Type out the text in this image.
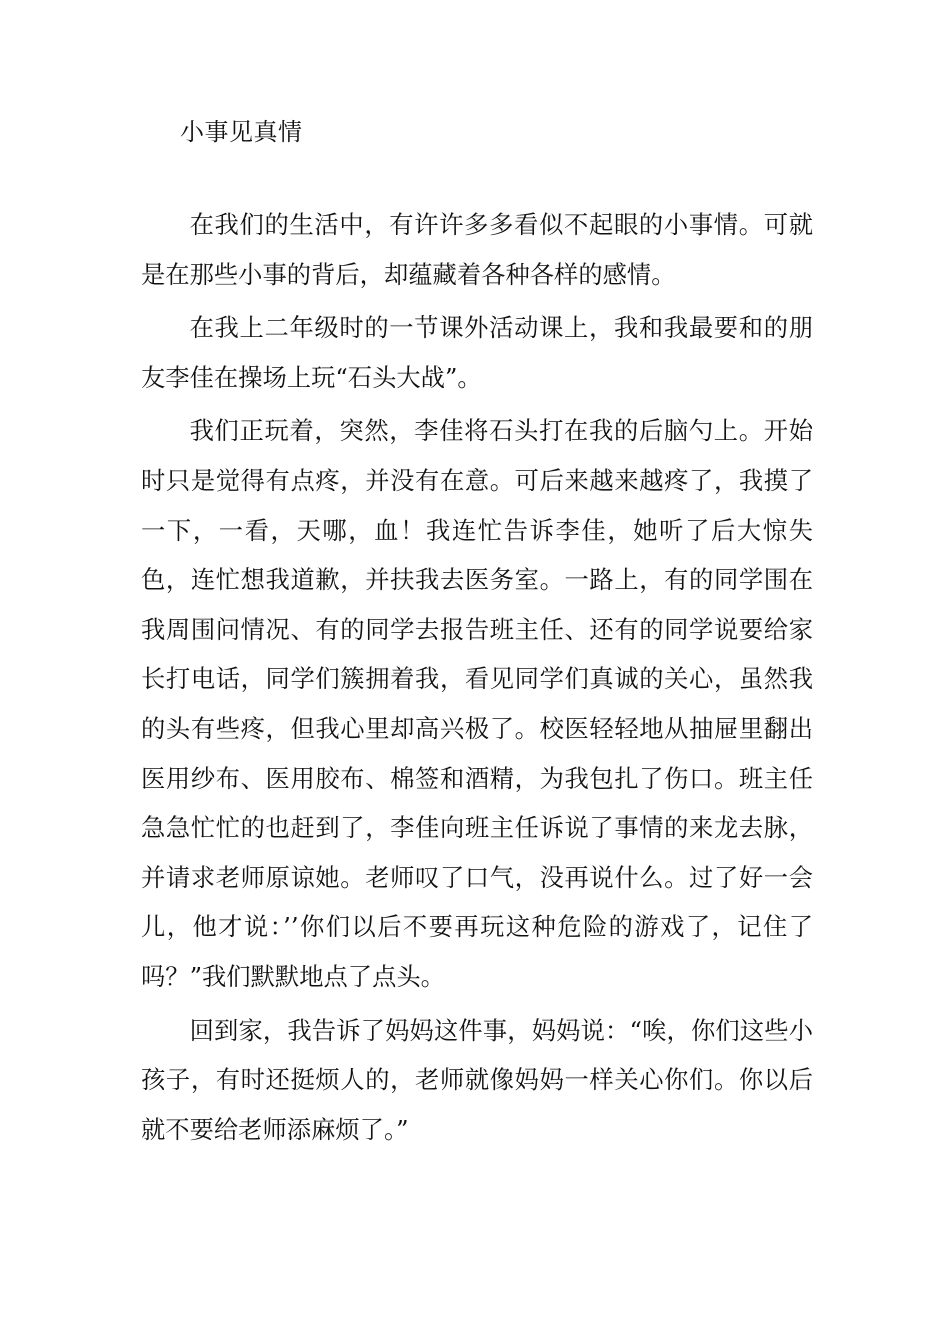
小事见真情

在我们的生活中，有许许多多看似不起眼的小事情。可就是在那些小事的背后，却蕴藏着各种各样的感情。

在我上二年级时的一节课外活动课上，我和我最要和的朋友李佳在操场上玩“石头大战”。

我们正玩着，突然，李佳将石头打在我的后脑勺上。开始时只是觉得有点疼，并没有在意。可后来越来越疼了，我摸了一下，一看，天哪，血！我连忙告诉李佳，她听了后大惊失色，连忙想我道歉，并扶我去医务室。一路上，有的同学围在我周围问情况、有的同学去报告班主任、还有的同学说要给家长打电话，同学们簇拥着我，看见同学们真诚的关心，虽然我的头有些疼，但我心里却高兴极了。校医轻轻地从抽屉里翻出医用纱布、医用胶布、棉签和酒精，为我包扎了伤口。班主任急急忙忙的也赶到了，李佳向班主任诉说了事情的来龙去脉，并请求老师原谅她。老师叹了口气，没再说什么。过了好一会儿，他才说：’’你们以后不要再玩这种危险的游戏了，记住了吗？”我们默默地点了点头。

回到家，我告诉了妈妈这件事，妈妈说：“唉，你们这些小孩子，有时还挺烦人的，老师就像妈妈一样关心你们。你以后就不要给老师添麻烦了。”
